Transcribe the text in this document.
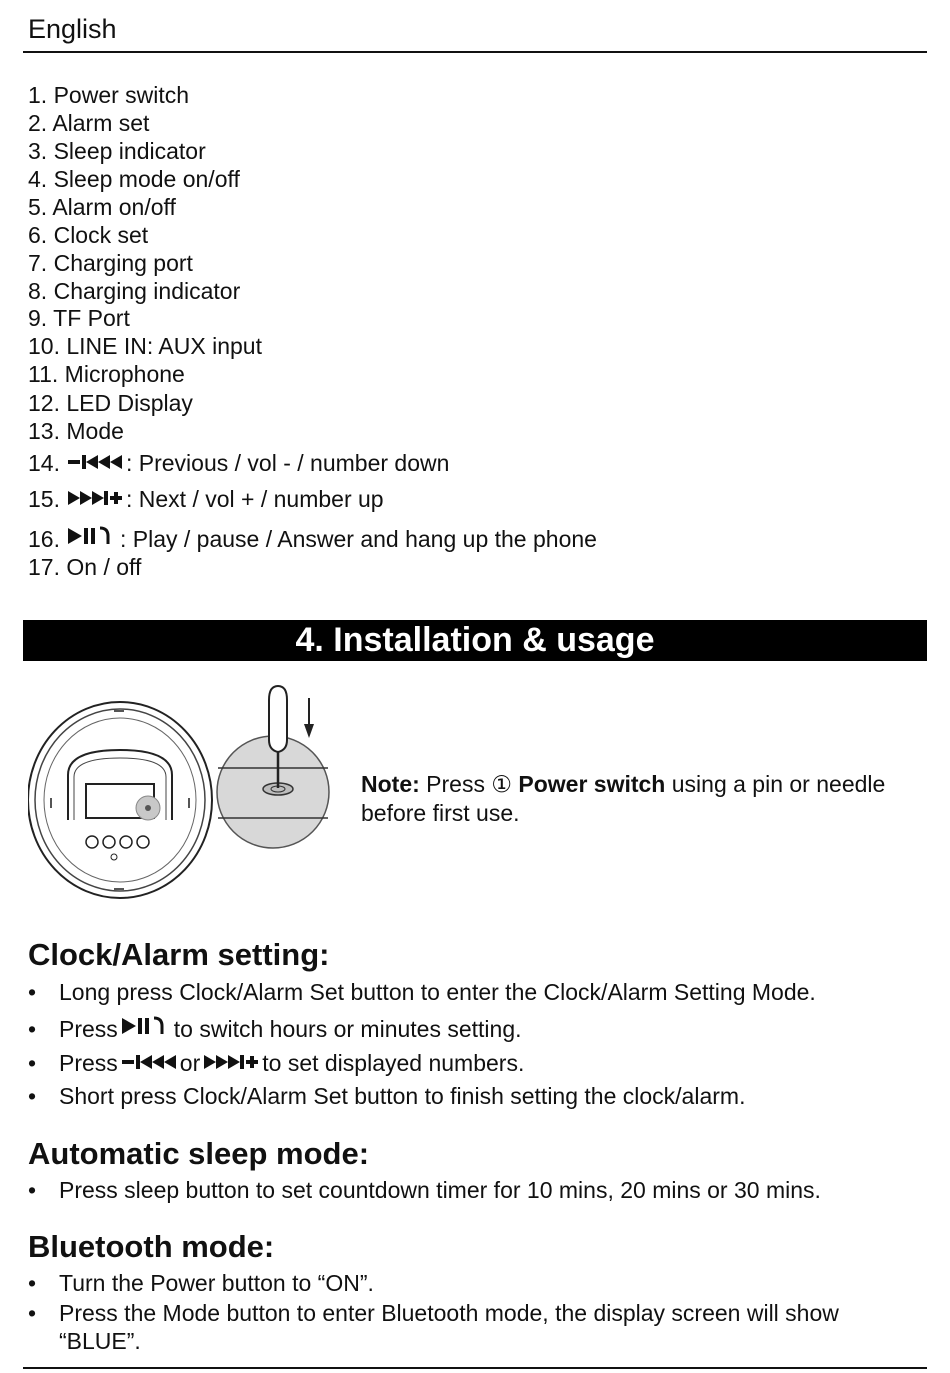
English
1. Power switch
2. Alarm set
3. Sleep indicator
4. Sleep mode on/off
5. Alarm on/off
6. Clock set
7. Charging port
8. Charging indicator
9. TF Port
10. LINE IN: AUX input
11. Microphone
12. LED Display
13. Mode
14.	: Previous / vol - / number down
15.	: Next / vol + / number up
16.	: Play / pause / Answer and hang up the phone
17. On / off
4. Installation & usage
Note: Press ① Power switch using a pin or needle before first use.
Clock/Alarm setting:
• Long press Clock/Alarm Set button to enter the Clock/Alarm Setting Mode.
• Press to switch hours or minutes setting.
• Press	or	to set displayed numbers.
• Short press Clock/Alarm Set button to finish setting the clock/alarm.
Automatic sleep mode:
• Press sleep button to set countdown timer for 10 mins, 20 mins or 30 mins.
Bluetooth mode:
• Turn the Power button to “ON”.
• Press the Mode button to enter Bluetooth mode, the display screen will show
“BLUE”.
